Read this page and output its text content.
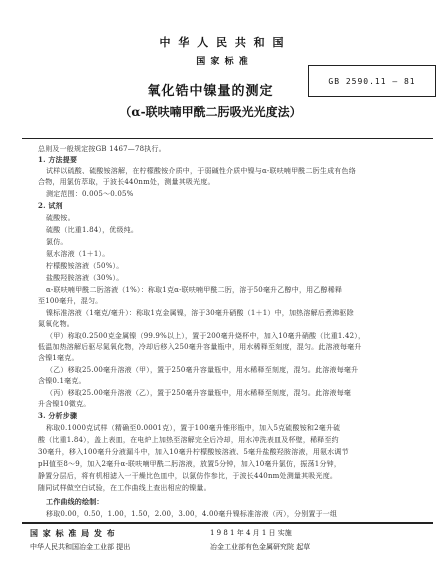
中 华 人 民 共 和 国
国 家 标 准
GB 2590.11 — 81
氧化锆中镍量的测定
（α-联呋喃甲酰二肟吸光光度法）
总则及一般规定按GB 1467—78执行。
1. 方法提要
试样以硫酸、硫酸铵溶解，在柠檬酸铵介质中，于弱碱性介质中镍与α-联呋喃甲酰二肟生成有色络
合物，用氯仿萃取，于波长440nm处，测量其吸光度。
测定范围：0.005～0.05%
2. 试剂
硫酸铵。
硫酸（比重1.84），优级纯。
氯仿。
氨水溶液（1＋1）。
柠檬酸铵溶液（50%）。
盐酸羟胺溶液（30%）。
α-联呋喃甲酰二肟溶液（1%）：称取1克α-联呋喃甲酰二肟，溶于50毫升乙醇中，用乙醇稀释
至100毫升，混匀。
镍标准溶液（1毫克/毫升）：称取1克金属镍，溶于30毫升硝酸（1＋1）中，加热溶解后煮沸驱除
氮氧化物。
（甲）称取0.2500克金属镍（99.9%以上），置于200毫升烧杯中，加入10毫升硝酸（比重1.42），
低温加热溶解后驱尽氮氧化物，冷却后移入250毫升容量瓶中，用水稀释至刻度，混匀。此溶液每毫升
含镍1毫克。
（乙）移取25.00毫升溶液（甲），置于250毫升容量瓶中，用水稀释至刻度，混匀。此溶液每毫升
含镍0.1毫克。
（丙）移取25.00毫升溶液（乙），置于250毫升容量瓶中，用水稀释至刻度，混匀。此溶液每毫
升含镍10微克。
3. 分析步骤
称取0.1000克试样（精确至0.0001克），置于100毫升锥形瓶中，加入5克硫酸铵和2毫升硫
酸（比重1.84），盖上表皿，在电炉上加热至溶解完全后冷却，用水冲洗表皿及杯壁，稀释至约
30毫升，移入100毫升分液漏斗中，加入10毫升柠檬酸铵溶液、5毫升盐酸羟胺溶液，用氨水调节
pH值至8～9，加入2毫升α-联呋喃甲酰二肟溶液，放置5分钟，加入10毫升氯仿，振荡1分钟，
静置分层后，将有机相滤入一干燥比色皿中，以氯仿作参比，于波长440nm处测量其吸光度。
随同试样做空白试验，在工作曲线上查出相应的镍量。
工作曲线的绘制：
移取0.00，0.50，1.00，1.50，2.00，3.00，4.00毫升镍标准溶液（丙），分别置于一组
国 家 标 准 局 发 布	1 9 8 1 年 4 月 1 日 实施
中华人民共和国冶金工业部 提出	冶金工业部有色金属研究院 起草
